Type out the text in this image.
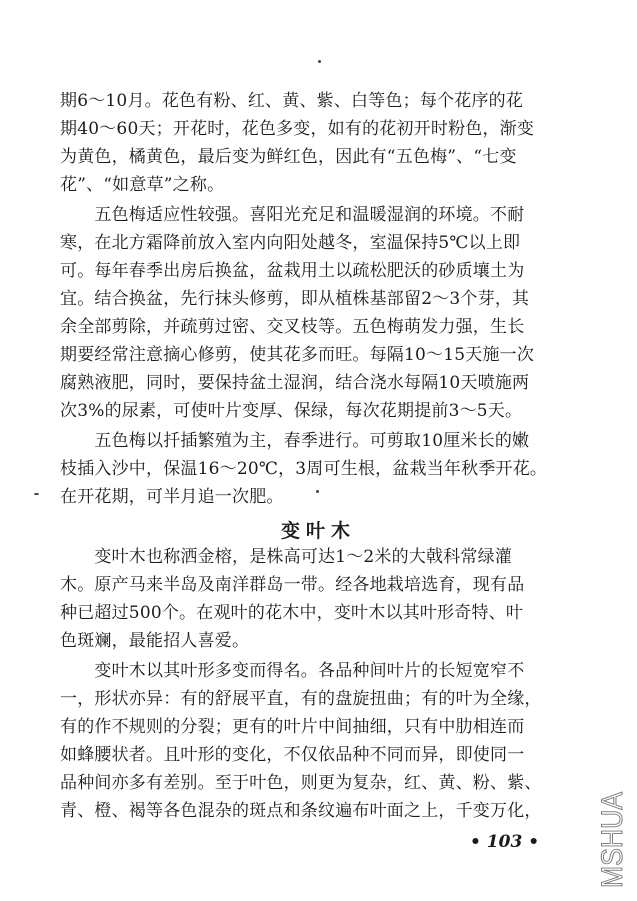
期6～10月。花色有粉、红、黄、紫、白等色；每个花序的花
期40～60天；开花时，花色多变，如有的花初开时粉色，渐变
为黄色，橘黄色，最后变为鲜红色，因此有“五色梅”、“七变
花”、“如意草”之称。
　　五色梅适应性较强。喜阳光充足和温暖湿润的环境。不耐
寒，在北方霜降前放入室内向阳处越冬，室温保持5℃以上即
可。每年春季出房后换盆，盆栽用土以疏松肥沃的砂质壤土为
宜。结合换盆，先行抹头修剪，即从植株基部留2～3个芽，其
余全部剪除，并疏剪过密、交叉枝等。五色梅萌发力强，生长
期要经常注意摘心修剪，使其花多而旺。每隔10～15天施一次
腐熟液肥，同时，要保持盆土湿润，结合浇水每隔10天喷施两
次3%的尿素，可使叶片变厚、保绿，每次花期提前3～5天。
变叶木
　　变叶木也称洒金榕，是株高可达1～2米的大戟科常绿灌
木。原产马来半岛及南洋群岛一带。经各地栽培选育，现有品
种已超过500个。在观叶的花木中，变叶木以其叶形奇特、叶
色斑斓，最能招人喜爱。
　　变叶木以其叶形多变而得名。各品种间叶片的长短宽窄不
一，形状亦异：有的舒展平直，有的盘旋扭曲；有的叶为全缘，
有的作不规则的分裂；更有的叶片中间抽细，只有中肋相连而
如蜂腰状者。且叶形的变化，不仅依品种不同而异，即使同一
品种间亦多有差别。至于叶色，则更为复杂，红、黄、粉、紫、
• 103 • MSHUA
　　五色梅以扦插繁殖为主，春季进行。可剪取10厘米长的嫩
枝插入沙中，保温16～20℃，3周可生根，盆栽当年秋季开花。
在开花期，可半月追一次肥。
青、橙、褐等各色混杂的斑点和条纹遍布叶面之上，千变万化，
